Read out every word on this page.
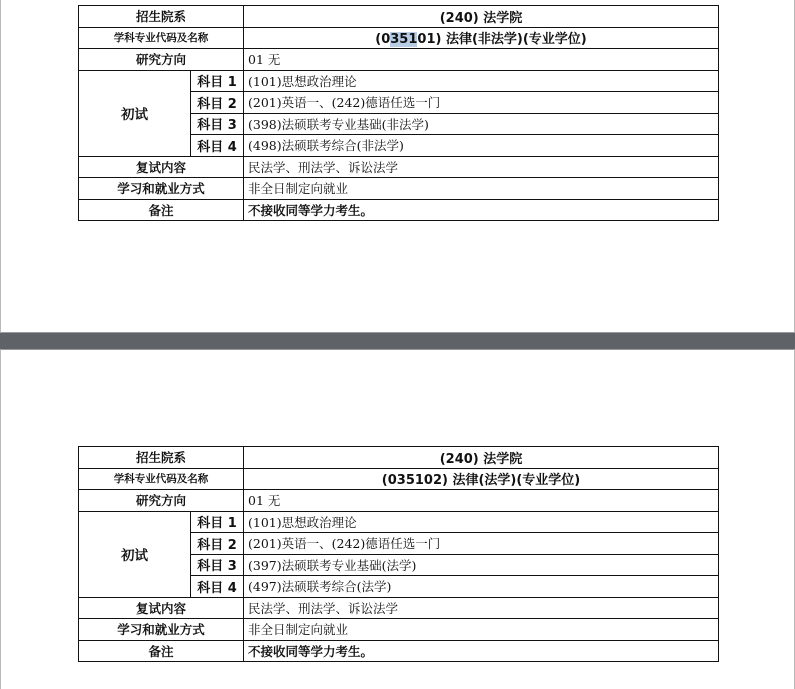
招生院系		(240) 法学院
学科专业代码及名称		(035101) 法律(非法学)(专业学位)
研究方向		01 无
初试	科目 1	(101)思想政治理论
	科目 2	(201)英语一、(242)德语任选一门
	科目 3	(398)法硕联考专业基础(非法学)
	科目 4	(498)法硕联考综合(非法学)
复试内容		民法学、刑法学、诉讼法学
学习和就业方式		非全日制定向就业
备注		不接收同等学力考生。
招生院系		(240) 法学院
学科专业代码及名称		(035102) 法律(法学)(专业学位)
研究方向		01 无
初试	科目 1	(101)思想政治理论
	科目 2	(201)英语一、(242)德语任选一门
	科目 3	(397)法硕联考专业基础(法学)
	科目 4	(497)法硕联考综合(法学)
复试内容		民法学、刑法学、诉讼法学
学习和就业方式		非全日制定向就业
备注		不接收同等学力考生。
